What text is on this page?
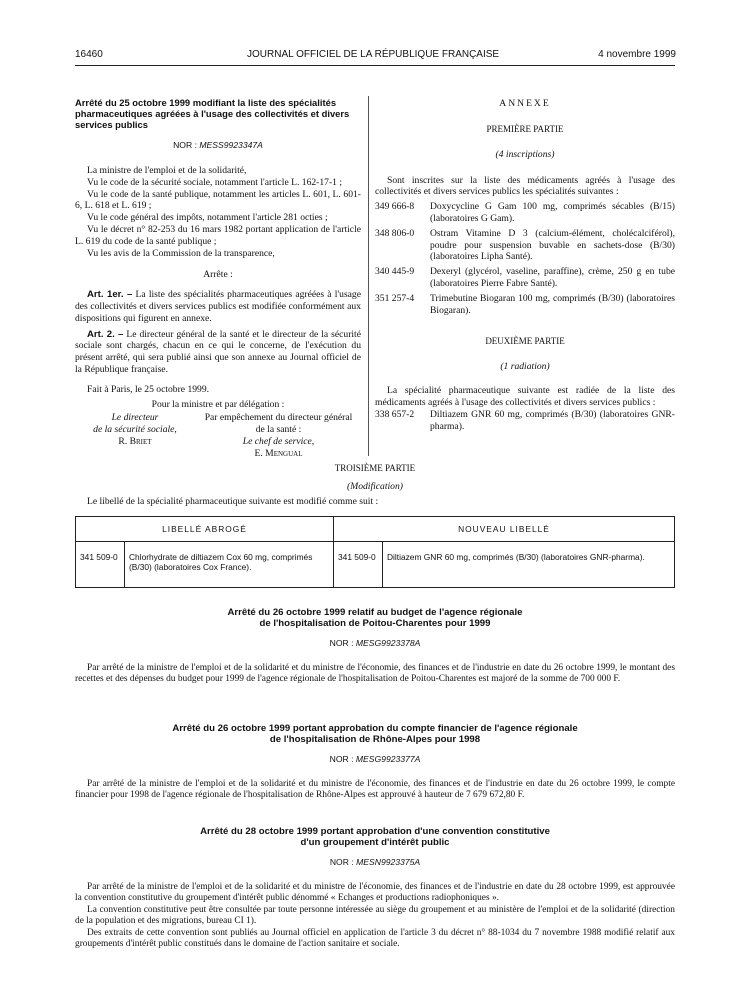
16460	JOURNAL OFFICIEL DE LA RÉPUBLIQUE FRANÇAISE	4 novembre 1999
Arrêté du 25 octobre 1999 modifiant la liste des spécialités pharmaceutiques agréées à l'usage des collectivités et divers services publics
NOR : MESS9923347A

La ministre de l'emploi et de la solidarité,

Vu le code de la sécurité sociale, notamment l'article L. 162-17-1 ;

Vu le code de la santé publique, notamment les articles L. 601, L. 601-6, L. 618 et L. 619 ;

Vu le code général des impôts, notamment l'article 281 octies ;

Vu le décret n° 82-253 du 16 mars 1982 portant application de l'article L. 619 du code de la santé publique ;

Vu les avis de la Commission de la transparence,

Arrête :

Art. 1er. – La liste des spécialités pharmaceutiques agréées à l'usage des collectivités et divers services publics est modifiée conformément aux dispositions qui figurent en annexe.

Art. 2. – Le directeur général de la santé et le directeur de la sécurité sociale sont chargés, chacun en ce qui le concerne, de l'exécution du présent arrêté, qui sera publié ainsi que son annexe au Journal officiel de la République française.

Fait à Paris, le 25 octobre 1999.

Pour la ministre et par délégation :

Le directeur
de la sécurité sociale,
R. Briet
Par empêchement du directeur général
de la santé :
Le chef de service,
E. Mengual

ANNEXE

PREMIÈRE PARTIE

(4 inscriptions)

Sont inscrites sur la liste des médicaments agréés à l'usage des collectivités et divers services publics les spécialités suivantes :

349 666-8	Doxycycline G Gam 100 mg, comprimés sécables (B/15) (laboratoires G Gam).
348 806-0	Ostram Vitamine D 3 (calcium-élément, cholécalciférol), poudre pour suspension buvable en sachets-dose (B/30) (laboratoires Lipha Santé).
340 445-9	Dexeryl (glycérol, vaseline, paraffine), crème, 250 g en tube (laboratoires Pierre Fabre Santé).
351 257-4	Trimebutine Biogaran 100 mg, comprimés (B/30) (laboratoires Biogaran).

DEUXIÈME PARTIE

(1 radiation)

La spécialité pharmaceutique suivante est radiée de la liste des médicaments agréés à l'usage des collectivités et divers services publics :

338 657-2	Diltiazem GNR 60 mg, comprimés (B/30) (laboratoires GNR-pharma).

TROISIÈME PARTIE

(Modification)

Le libellé de la spécialité pharmaceutique suivante est modifié comme suit :

LIBELLÉ ABROGÉ		NOUVEAU LIBELLÉ	
341 509-0	Chlorhydrate de diltiazem Cox 60 mg, comprimés (B/30) (laboratoires Cox France).	341 509-0	Diltiazem GNR 60 mg, comprimés (B/30) (laboratoires GNR-pharma).
Arrêté du 26 octobre 1999 relatif au budget de l'agence régionale
de l'hospitalisation de Poitou-Charentes pour 1999
NOR : MESG9923378A

Par arrêté de la ministre de l'emploi et de la solidarité et du ministre de l'économie, des finances et de l'industrie en date du 26 octobre 1999, le montant des recettes et des dépenses du budget pour 1999 de l'agence régionale de l'hospitalisation de Poitou-Charentes est majoré de la somme de 700 000 F.

Arrêté du 26 octobre 1999 portant approbation du compte financier de l'agence régionale
de l'hospitalisation de Rhône-Alpes pour 1998
NOR : MESG9923377A

Par arrêté de la ministre de l'emploi et de la solidarité et du ministre de l'économie, des finances et de l'industrie en date du 26 octobre 1999, le compte financier pour 1998 de l'agence régionale de l'hospitalisation de Rhône-Alpes est approuvé à hauteur de 7 679 672,80 F.

Arrêté du 28 octobre 1999 portant approbation d'une convention constitutive
d'un groupement d'intérêt public
NOR : MESN9923375A

Par arrêté de la ministre de l'emploi et de la solidarité et du ministre de l'économie, des finances et de l'industrie en date du 28 octobre 1999, est approuvée la convention constitutive du groupement d'intérêt public dénommé « Echanges et productions radiophoniques ».

La convention constitutive peut être consultée par toute personne intéressée au siège du groupement et au ministère de l'emploi et de la solidarité (direction de la population et des migrations, bureau CI 1).

Des extraits de cette convention sont publiés au Journal officiel en application de l'article 3 du décret n° 88-1034 du 7 novembre 1988 modifié relatif aux groupements d'intérêt public constitués dans le domaine de l'action sanitaire et sociale.
